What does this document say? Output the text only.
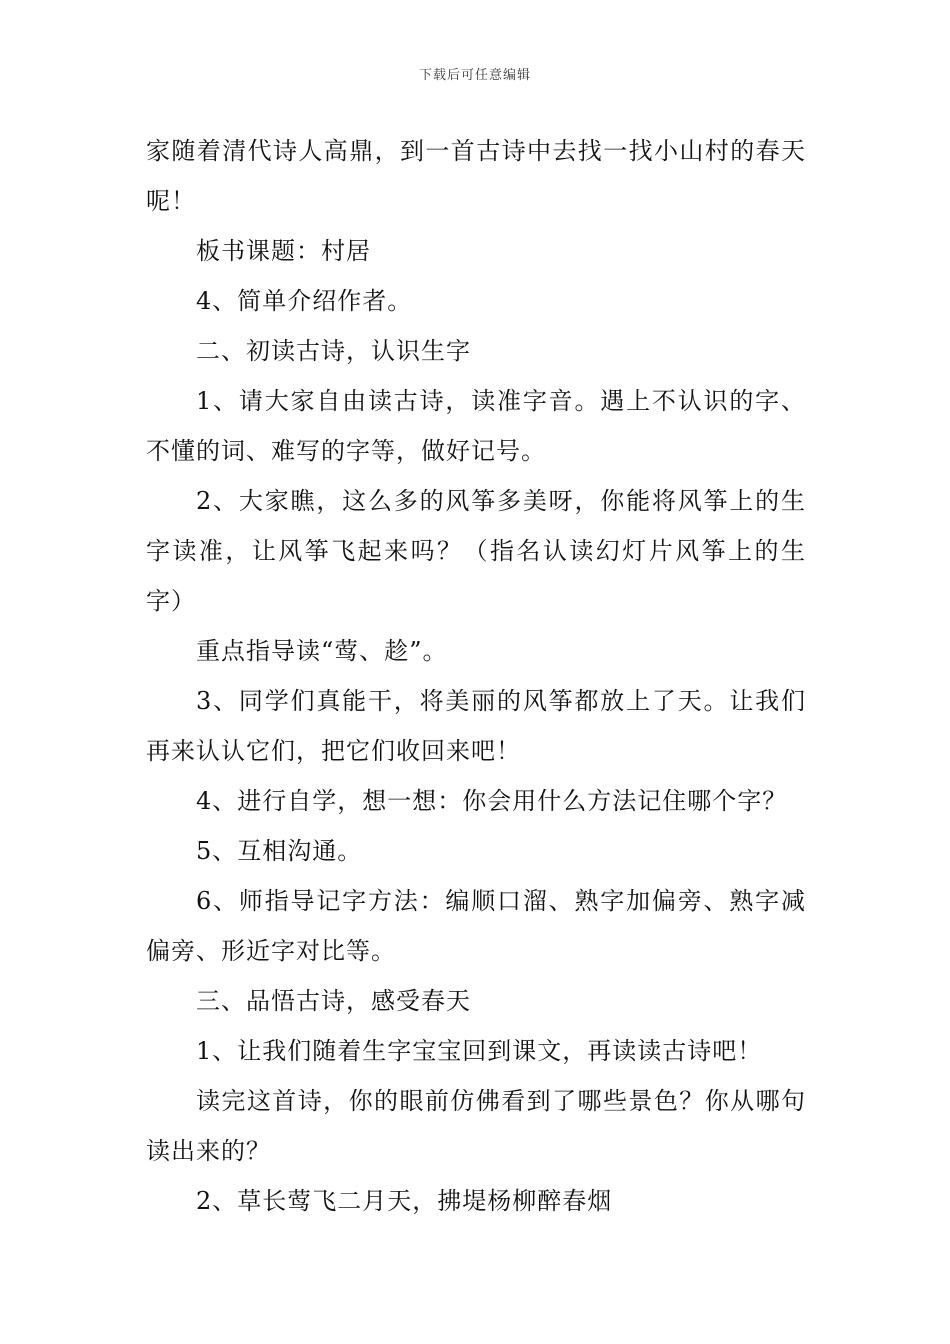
下载后可任意编辑

家随着清代诗人高鼎，到一首古诗中去找一找小山村的春天呢！

板书课题：村居

4、简单介绍作者。

二、初读古诗，认识生字

1、请大家自由读古诗，读准字音。遇上不认识的字、不懂的词、难写的字等，做好记号。

2、大家瞧，这么多的风筝多美呀，你能将风筝上的生字读准，让风筝飞起来吗？（指名认读幻灯片风筝上的生字）

重点指导读“莺、趁”。

3、同学们真能干，将美丽的风筝都放上了天。让我们再来认认它们，把它们收回来吧！

4、进行自学，想一想：你会用什么方法记住哪个字？

5、互相沟通。

6、师指导记字方法：编顺口溜、熟字加偏旁、熟字减偏旁、形近字对比等。

三、品悟古诗，感受春天

1、让我们随着生字宝宝回到课文，再读读古诗吧！

读完这首诗，你的眼前仿佛看到了哪些景色？你从哪句读出来的？

2、草长莺飞二月天，拂堤杨柳醉春烟
